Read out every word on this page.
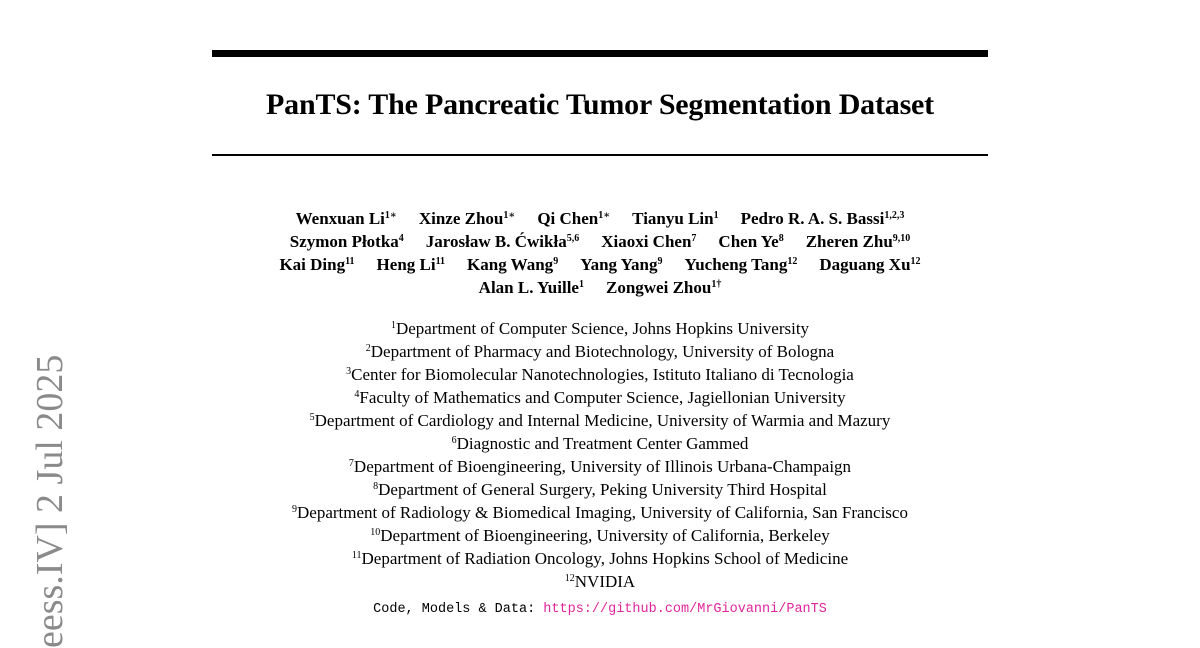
PanTS: The Pancreatic Tumor Segmentation Dataset
Wenxuan $Li^{1∗}$ Xinze Zhou$^{1∗}$ Qi Chen$^{1∗}$ Tianyu Lin$^1$ Pedro R. A. S. Bassi$^{1,2,3}$
Szymon Płotka$^4$ Jarosław B. Ćwikła$^{5,6}$ Xiaoxi Chen$^7$ Chen Ye$^8$ Zheren Zhu$^{9,10}$
Kai Ding$^{11}$ Heng Li$^{11}$ Kang Wang$^9$ Yang Yang$^9$ Yucheng Tang$^{12}$ Daguang Xu$^{12}$
Alan L. Yuille$^1$ Zongwei Zhou$^{1\dagger}$
$^1$Department of Computer Science, Johns Hopkins University
$^2$Department of Pharmacy and Biotechnology, University of Bologna
$^3$Center for Biomolecular Nanotechnologies, Istituto Italiano di Tecnologia
$^4$Faculty of Mathematics and Computer Science, Jagiellonian University
$^5$Department of Cardiology and Internal Medicine, University of Warmia and Mazury
$^6$Diagnostic and Treatment Center Gammed
$^7$Department of Bioengineering, University of Illinois Urbana-Champaign
$^8$Department of General Surgery, Peking University Third Hospital
$^9$Department of Radiology & Biomedical Imaging, University of California, San Francisco
$^{10}$Department of Bioengineering, University of California, Berkeley
$^{11}$Department of Radiation Oncology, Johns Hopkins School of Medicine
$^{12}$NVIDIA
Code, Models & Data: https://github.com/MrGiovanni/PanTS
eess.IV] 2 Jul 2025
